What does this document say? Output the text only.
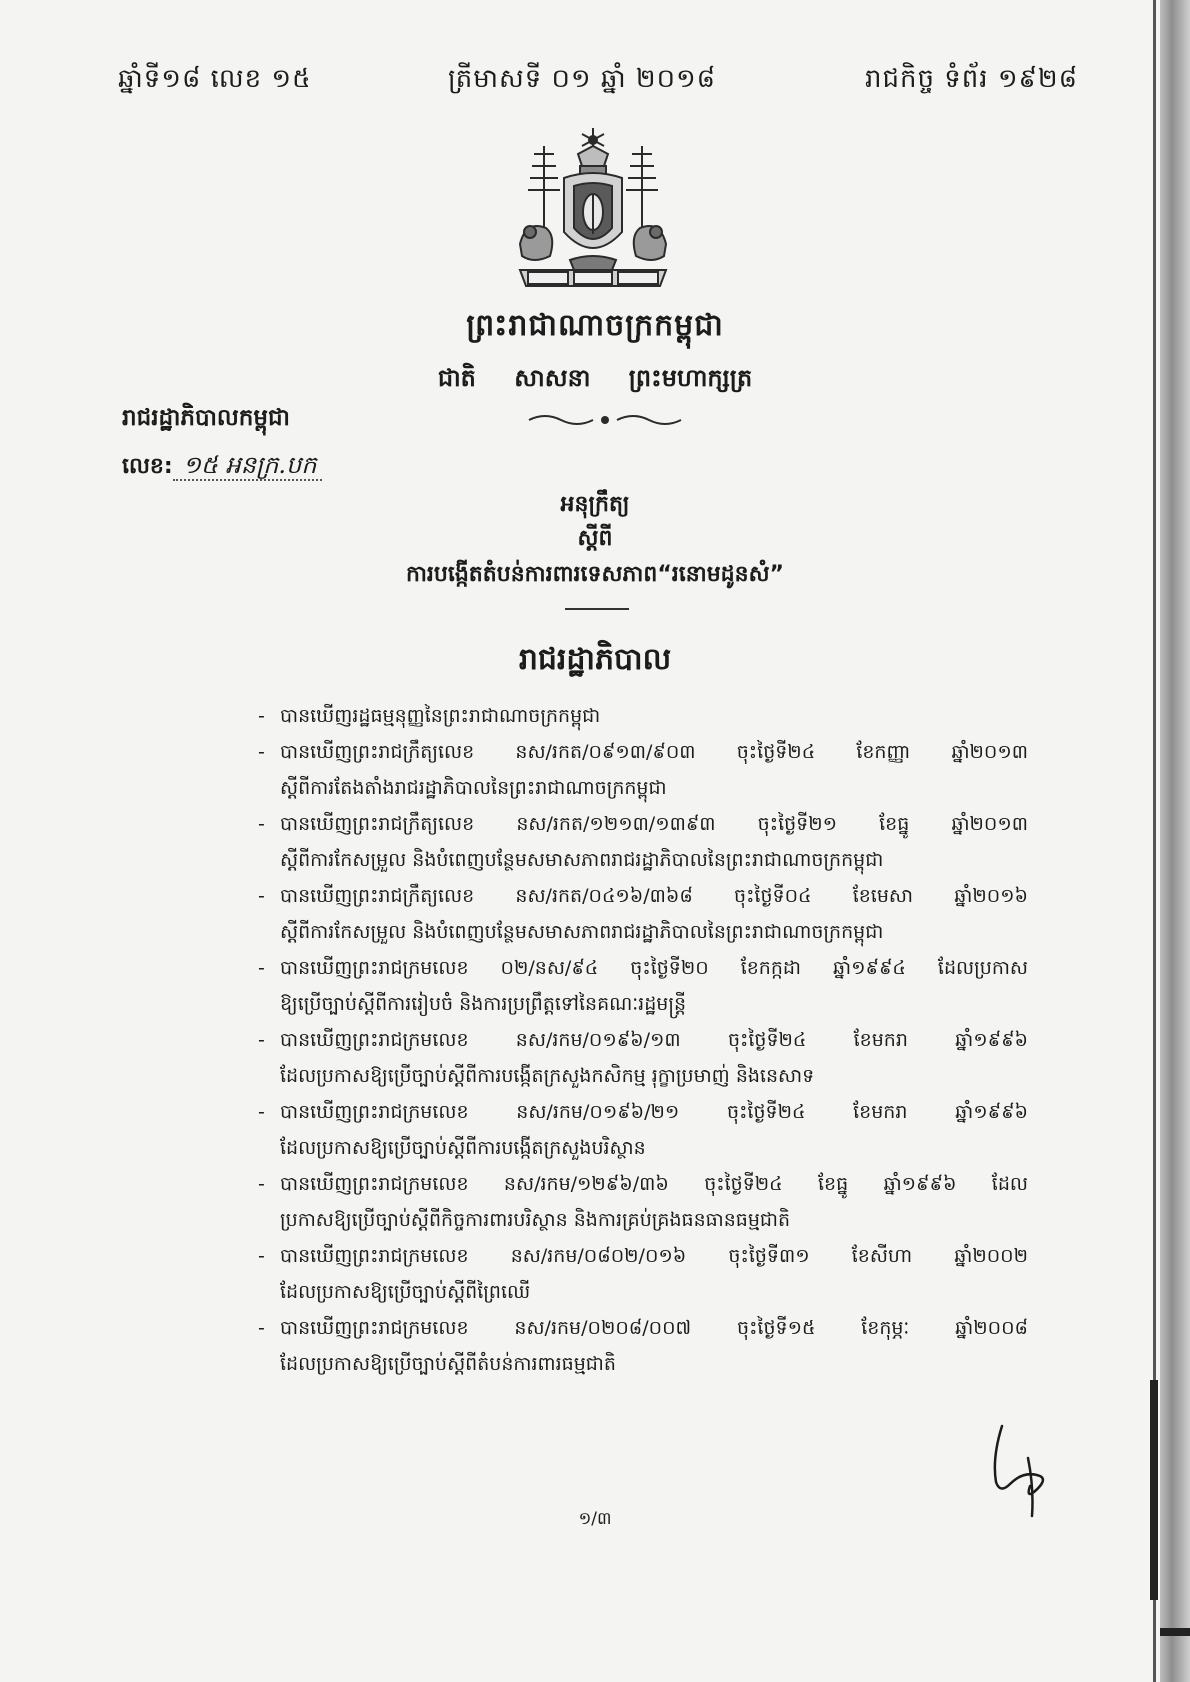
ឆ្នាំទី១៨ លេខ ១៥	ត្រីមាសទី ០១ ឆ្នាំ ២០១៨	រាជកិច្ច ទំព័រ ១៩២៨
ព្រះរាជាណាចក្រកម្ពុជា
ជាតិ សាសនា ព្រះមហាក្សត្រ
រាជរដ្ឋាភិបាលកម្ពុជា
លេខ: ១៥ អនក្រ.បក
អនុក្រឹត្យ
ស្ដីពី
ការបង្កើតតំបន់ការពារទេសភាព“រនោមដូនសំ”
រាជរដ្ឋាភិបាល
- បានឃើញរដ្ឋធម្មនុញ្ញនៃព្រះរាជាណាចក្រកម្ពុជា
- បានឃើញព្រះរាជក្រឹត្យលេខ នស/រកត/០៩១៣/៩០៣ ចុះថ្ងៃទី២៤ ខែកញ្ញា ឆ្នាំ២០១៣
ស្ដីពីការតែងតាំងរាជរដ្ឋាភិបាលនៃព្រះរាជាណាចក្រកម្ពុជា
- បានឃើញព្រះរាជក្រឹត្យលេខ នស/រកត/១២១៣/១៣៩៣ ចុះថ្ងៃទី២១ ខែធ្នូ ឆ្នាំ២០១៣
ស្ដីពីការកែសម្រួល និងបំពេញបន្ថែមសមាសភាពរាជរដ្ឋាភិបាលនៃព្រះរាជាណាចក្រកម្ពុជា
- បានឃើញព្រះរាជក្រឹត្យលេខ នស/រកត/០៤១៦/៣៦៨ ចុះថ្ងៃទី០៤ ខែមេសា ឆ្នាំ២០១៦
ស្ដីពីការកែសម្រួល និងបំពេញបន្ថែមសមាសភាពរាជរដ្ឋាភិបាលនៃព្រះរាជាណាចក្រកម្ពុជា
- បានឃើញព្រះរាជក្រមលេខ ០២/នស/៩៤ ចុះថ្ងៃទី២០ ខែកក្កដា ឆ្នាំ១៩៩៤ ដែលប្រកាស
ឱ្យប្រើច្បាប់ស្ដីពីការរៀបចំ និងការប្រព្រឹត្តទៅនៃគណៈរដ្ឋមន្ត្រី
- បានឃើញព្រះរាជក្រមលេខ នស/រកម/០១៩៦/១៣ ចុះថ្ងៃទី២៤ ខែមករា ឆ្នាំ១៩៩៦
ដែលប្រកាសឱ្យប្រើច្បាប់ស្ដីពីការបង្កើតក្រសួងកសិកម្ម រុក្ខាប្រមាញ់ និងនេសាទ
- បានឃើញព្រះរាជក្រមលេខ នស/រកម/០១៩៦/២១ ចុះថ្ងៃទី២៤ ខែមករា ឆ្នាំ១៩៩៦
ដែលប្រកាសឱ្យប្រើច្បាប់ស្ដីពីការបង្កើតក្រសួងបរិស្ថាន
- បានឃើញព្រះរាជក្រមលេខ នស/រកម/១២៩៦/៣៦ ចុះថ្ងៃទី២៤ ខែធ្នូ ឆ្នាំ១៩៩៦ ដែល
ប្រកាសឱ្យប្រើច្បាប់ស្ដីពីកិច្ចការពារបរិស្ថាន និងការគ្រប់គ្រងធនធានធម្មជាតិ
- បានឃើញព្រះរាជក្រមលេខ នស/រកម/០៨០២/០១៦ ចុះថ្ងៃទី៣១ ខែសីហា ឆ្នាំ២០០២
ដែលប្រកាសឱ្យប្រើច្បាប់ស្ដីពីព្រៃឈើ
- បានឃើញព្រះរាជក្រមលេខ នស/រកម/០២០៨/០០៧ ចុះថ្ងៃទី១៥ ខែកុម្ភៈ ឆ្នាំ២០០៨
ដែលប្រកាសឱ្យប្រើច្បាប់ស្ដីពីតំបន់ការពារធម្មជាតិ
១/៣
